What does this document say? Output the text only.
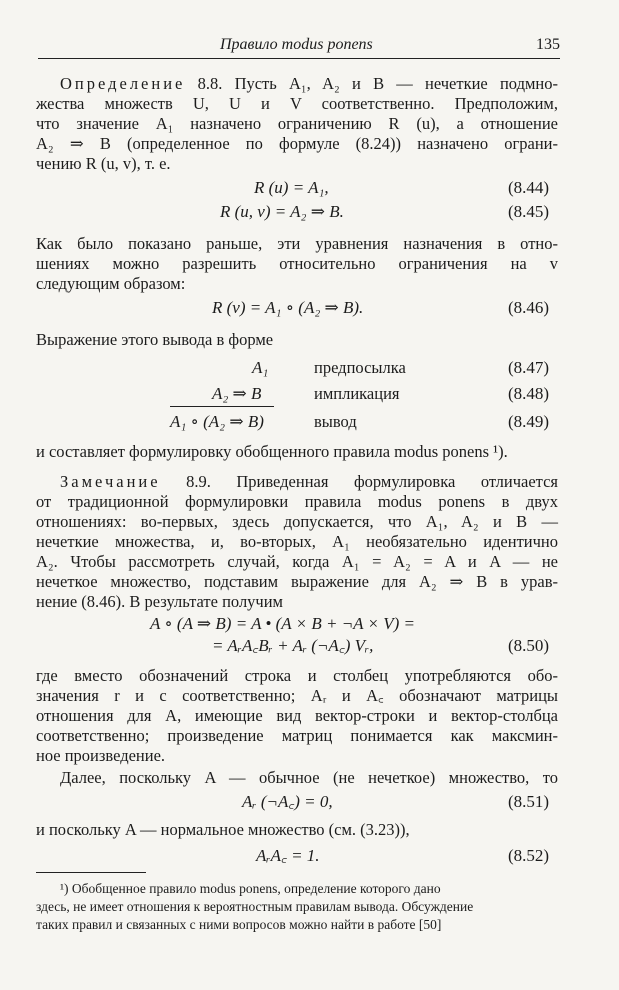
Правило modus ponens	135
Определение 8.8. Пусть A₁, A₂ и B — нечеткие подмно-
жества множеств U, U и V соответственно. Предположим,
что значение A₁ назначено ограничению R (u), а отношение
A₂ ⇒ B (определенное по формуле (8.24)) назначено ограни-
чению R (u, v), т. е.
R (u) = A₁,	(8.44)
R (u, v) = A₂ ⇒ B.	(8.45)
Как было показано раньше, эти уравнения назначения в отно-
шениях можно разрешить относительно ограничения на v
следующим образом:
R (v) = A₁ ∘ (A₂ ⇒ B).	(8.46)
Выражение этого вывода в форме
A₁	предпосылка	(8.47)
A₂ ⇒ B	импликация	(8.48)
A₁ ∘ (A₂ ⇒ B)	вывод	(8.49)
и составляет формулировку обобщенного правила modus ponens ¹).
Замечание 8.9. Приведенная формулировка отличается
от традиционной формулировки правила modus ponens в двух
отношениях: во-первых, здесь допускается, что A₁, A₂ и B —
нечеткие множества, и, во-вторых, A₁ необязательно идентично
A₂. Чтобы рассмотреть случай, когда A₁ = A₂ = A и A — не
нечеткое множество, подставим выражение для A₂ ⇒ B в урав-
нение (8.46). В результате получим
A ∘ (A ⇒ B) = A • (A × B + ¬A × V) =
= AᵣA꜀Bᵣ + Aᵣ (¬A꜀) Vᵣ,	(8.50)
где вместо обозначений строка и столбец употребляются обо-
значения r и c соответственно; Aᵣ и A꜀ обозначают матрицы
отношения для A, имеющие вид вектор-строки и вектор-столбца
соответственно; произведение матриц понимается как максмин-
ное произведение.
Далее, поскольку A — обычное (не нечеткое) множество, то
Aᵣ (¬A꜀) = 0,	(8.51)
и поскольку A — нормальное множество (см. (3.23)),
AᵣA꜀ = 1.	(8.52)
¹) Обобщенное правило modus ponens, определение которого дано
здесь, не имеет отношения к вероятностным правилам вывода. Обсуждение
таких правил и связанных с ними вопросов можно найти в работе [50]
